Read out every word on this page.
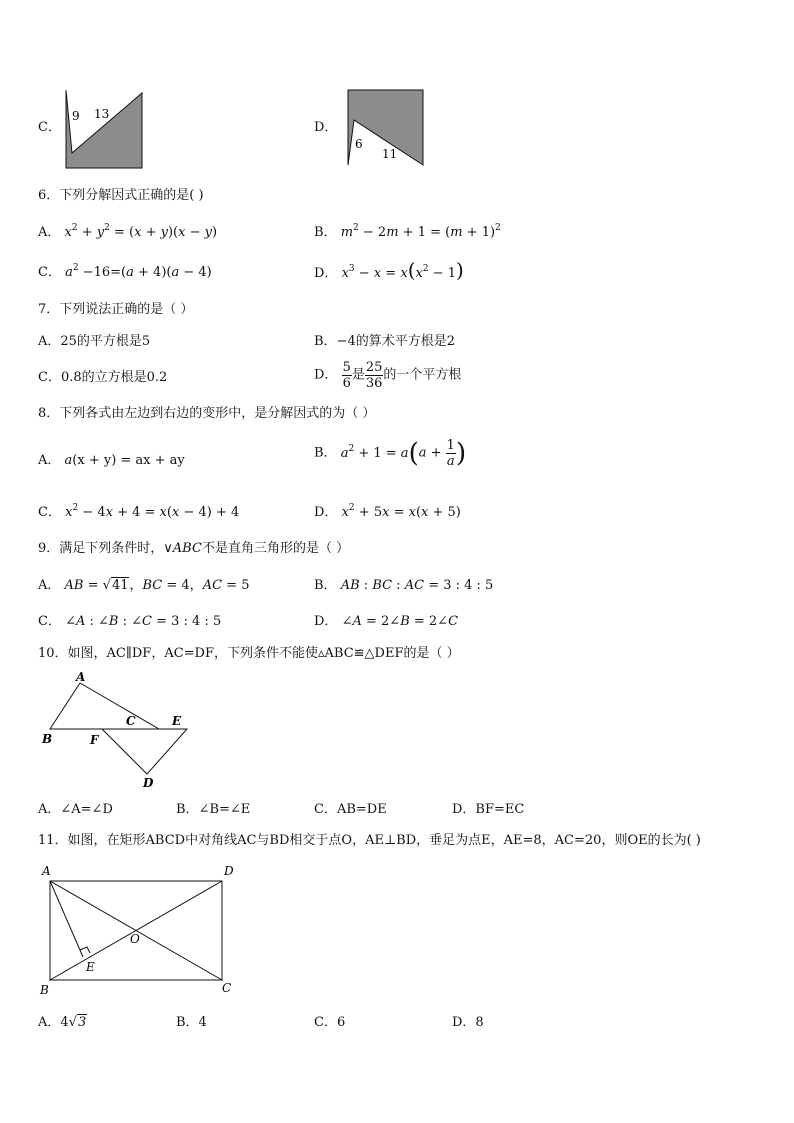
C．
9 13
D．
6
11
6．下列分解因式正确的是( )
A． $x^2 + y^2 = (x + y)(x - y)$	B． $m^2 - 2m + 1 = (m + 1)^2$
C． $a^2 -16=(a + 4)(a - 4)$	D． $x^3 - x = x(x^2 - 1)$
7．下列说法正确的是（ ）
A．25的平方根是5	B．−4的算术平方根是2
C．0.8的立方根是0.2	D． $\frac{5}{6}$ 是 $\frac{25}{36}$ 的一个平方根
8．下列各式由左边到右边的变形中，是分解因式的为（ ）
A． a(x + y) = ax + ay	B． $a^2 + 1 = a(a + \frac{1}{a}$ )
C． $x^2 - 4x + 4 = x(x - 4) + 4$	D． $x^2 + 5x = x(x + 5)$
9．满足下列条件时，∨ABC不是直角三角形的是（ ）
A． AB = √41，BC = 4，AC = 5	B． AB : BC : AC = 3 : 4 : 5
C． ∠A : ∠B : ∠C = 3 : 4 : 5	D． ∠A = 2∠B = 2∠C
10．如图，AC∥DF，AC=DF，下列条件不能使▵ABC≌△DEF的是（ ）
A
B
C	E
F
D
A．∠A=∠D	B．∠B=∠E	C．AB=DE	D．BF=EC
11．如图，在矩形ABCD中对角线AC与BD相交于点O，AE⊥BD，垂足为点E，AE=8，AC=20，则OE的长为( )
A	D
O
E
B	C
A．4√3	B．4	C．6	D．8
